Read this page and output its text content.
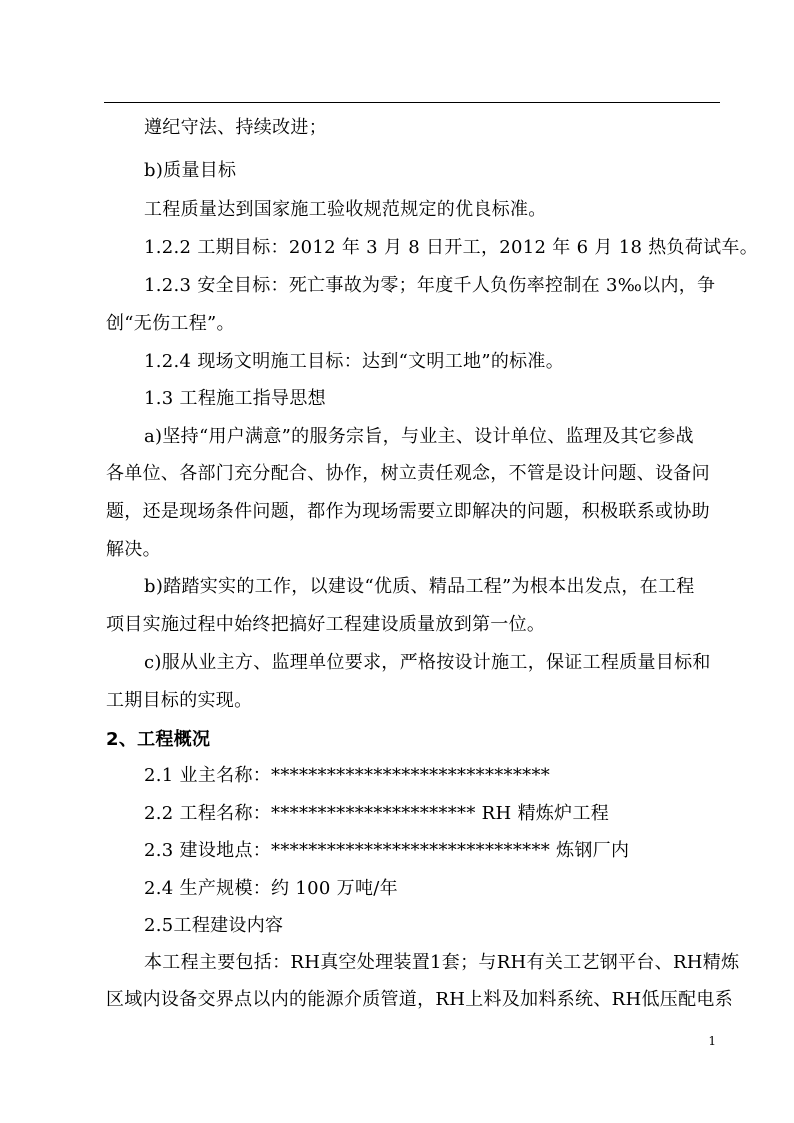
遵纪守法、持续改进；
b)质量目标
工程质量达到国家施工验收规范规定的优良标准。
1.2.2 工期目标：2012 年 3 月 8 日开工，2012 年 6 月 18 热负荷试车。
1.2.3 安全目标：死亡事故为零；年度千人负伤率控制在 3‰以内，争
创“无伤工程”。
1.2.4 现场文明施工目标：达到“文明工地”的标准。
1.3 工程施工指导思想
a)坚持“用户满意”的服务宗旨，与业主、设计单位、监理及其它参战
各单位、各部门充分配合、协作，树立责任观念，不管是设计问题、设备问
题，还是现场条件问题，都作为现场需要立即解决的问题，积极联系或协助
解决。
b)踏踏实实的工作，以建设“优质、精品工程”为根本出发点，在工程
项目实施过程中始终把搞好工程建设质量放到第一位。
c)服从业主方、监理单位要求，严格按设计施工，保证工程质量目标和
工期目标的实现。
2、工程概况
2.1 业主名称：******************************
2.2 工程名称：********************** RH 精炼炉工程
2.3 建设地点：****************************** 炼钢厂内
2.4 生产规模：约 100 万吨/年
2.5工程建设内容
本工程主要包括：RH真空处理装置1套；与RH有关工艺钢平台、RH精炼
区域内设备交界点以内的能源介质管道，RH上料及加料系统、RH低压配电系
1
